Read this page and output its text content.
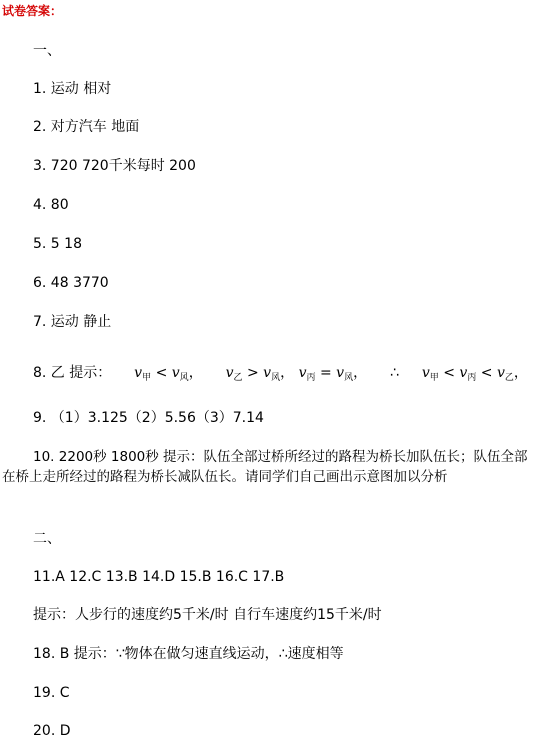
试卷答案：
一、
1. 运动 相对
2. 对方汽车 地面
3. 720 720千米每时 200
4. 80
5. 5 18
6. 48 3770
7. 运动 静止
8. 乙 提示： $v_甲 < v_风$， $v_乙 > v_风$， $v_丙 = v_风$， ∴ $v_甲 < v_丙 < v_乙$，
9. （1）3.125（2）5.56（3）7.14
10. 2200秒 1800秒 提示：队伍全部过桥所经过的路程为桥长加队伍长；队伍全部在桥上走所经过的路程为桥长减队伍长。请同学们自己画出示意图加以分析
二、
11.A 12.C 13.B 14.D 15.B 16.C 17.B
提示：人步行的速度约5千米/时 自行车速度约15千米/时
18. B 提示：∵物体在做匀速直线运动，∴速度相等
19. C
20. D
